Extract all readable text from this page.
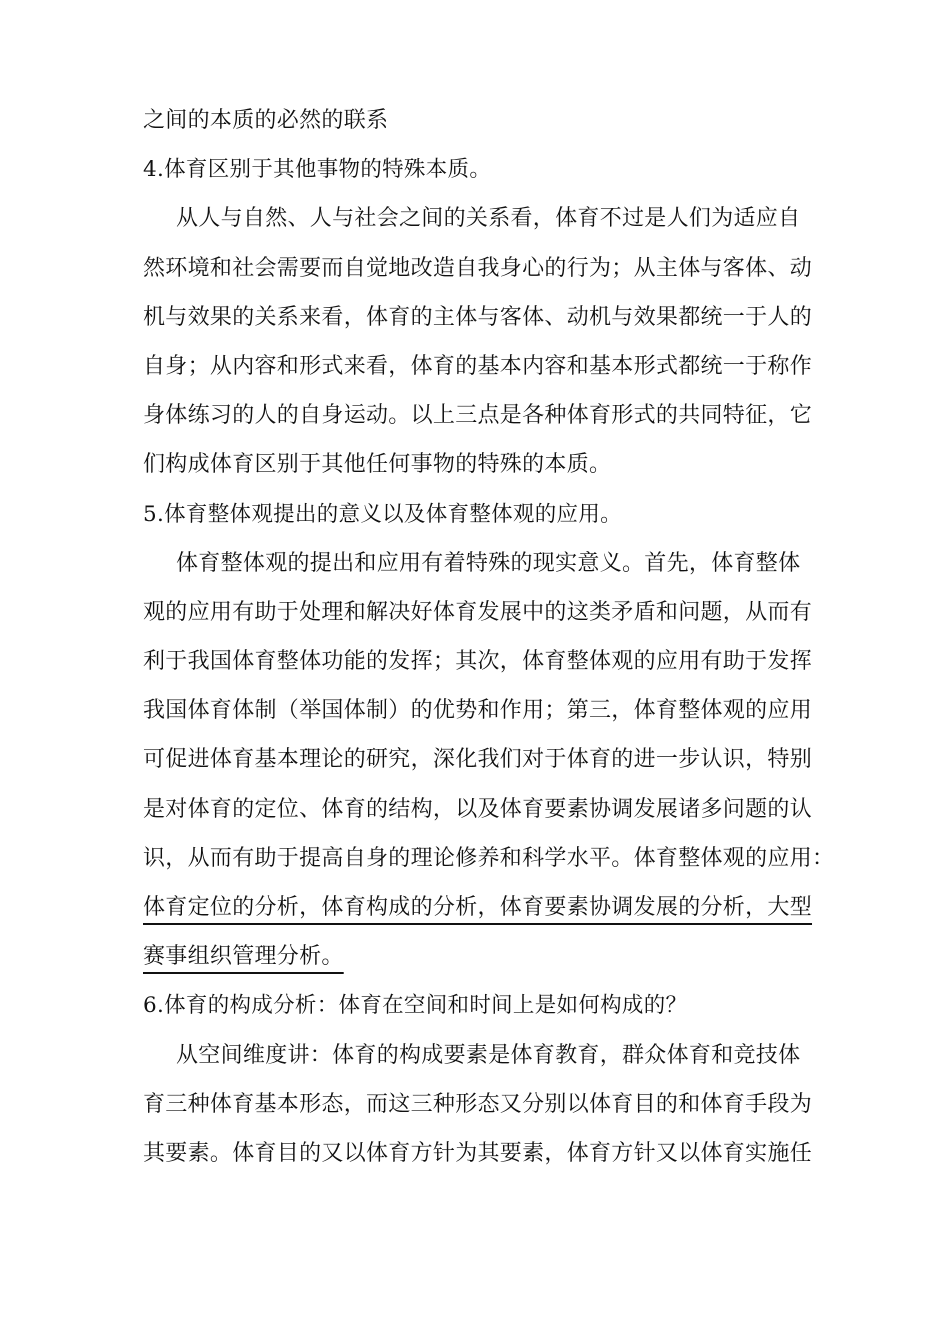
之间的本质的必然的联系
4.体育区别于其他事物的特殊本质。
从人与自然、人与社会之间的关系看，体育不过是人们为适应自
然环境和社会需要而自觉地改造自我身心的行为；从主体与客体、动
机与效果的关系来看，体育的主体与客体、动机与效果都统一于人的
自身；从内容和形式来看，体育的基本内容和基本形式都统一于称作
身体练习的人的自身运动。以上三点是各种体育形式的共同特征，它
们构成体育区别于其他任何事物的特殊的本质。
5.体育整体观提出的意义以及体育整体观的应用。
体育整体观的提出和应用有着特殊的现实意义。首先，体育整体
观的应用有助于处理和解决好体育发展中的这类矛盾和问题，从而有
利于我国体育整体功能的发挥；其次，体育整体观的应用有助于发挥
我国体育体制（举国体制）的优势和作用；第三，体育整体观的应用
可促进体育基本理论的研究，深化我们对于体育的进一步认识，特别
是对体育的定位、体育的结构，以及体育要素协调发展诸多问题的认
识，从而有助于提高自身的理论修养和科学水平。体育整体观的应用：
体育定位的分析，体育构成的分析，体育要素协调发展的分析，大型
赛事组织管理分析。
6.体育的构成分析：体育在空间和时间上是如何构成的？
从空间维度讲：体育的构成要素是体育教育，群众体育和竞技体
育三种体育基本形态，而这三种形态又分别以体育目的和体育手段为
其要素。体育目的又以体育方针为其要素，体育方针又以体育实施任
